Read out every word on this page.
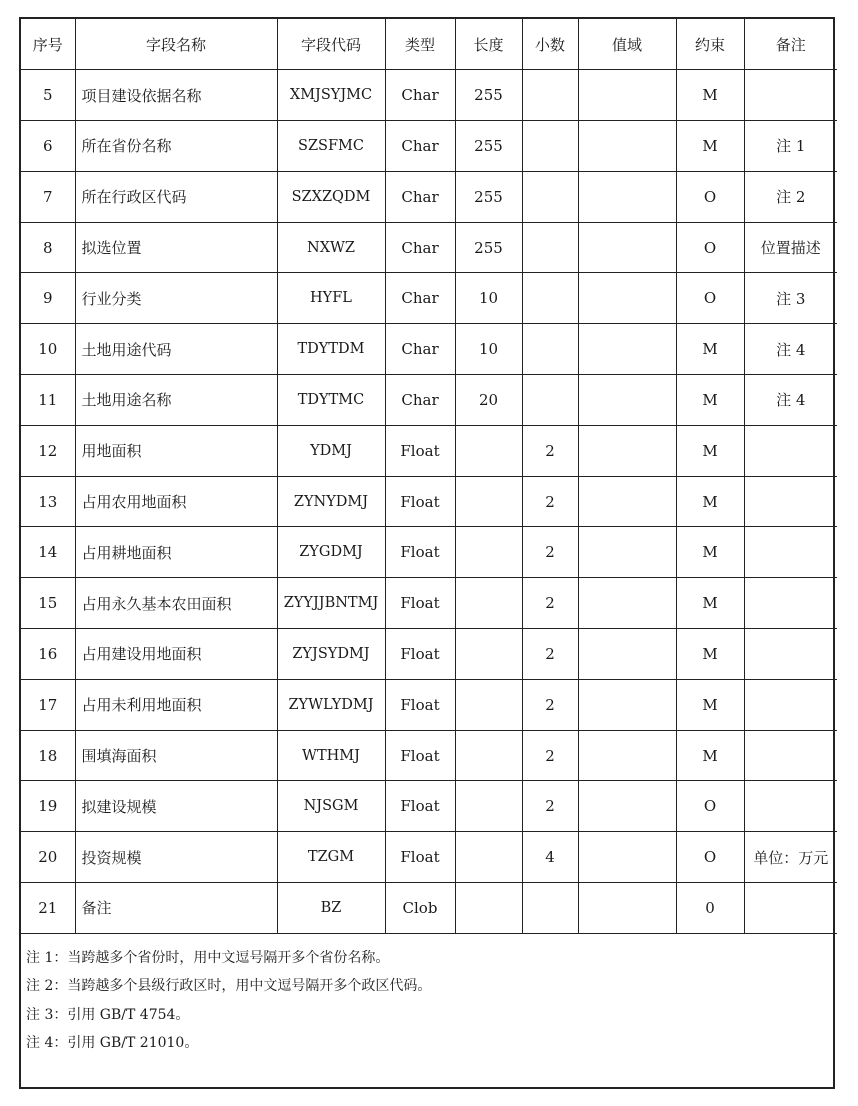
序号	字段名称	字段代码	类型	长度	小数	值域	约束	备注
5	项目建设依据名称	XMJSYJMC	Char	255			M	
6	所在省份名称	SZSFMC	Char	255			M	注 1
7	所在行政区代码	SZXZQDM	Char	255			O	注 2
8	拟选位置	NXWZ	Char	255			O	位置描述
9	行业分类	HYFL	Char	10			O	注 3
10	土地用途代码	TDYTDM	Char	10			M	注 4
11	土地用途名称	TDYTMC	Char	20			M	注 4
12	用地面积	YDMJ	Float		2		M	
13	占用农用地面积	ZYNYDMJ	Float		2		M	
14	占用耕地面积	ZYGDMJ	Float		2		M	
15	占用永久基本农田面积	ZYYJJBNTMJ	Float		2		M	
16	占用建设用地面积	ZYJSYDMJ	Float		2		M	
17	占用未利用地面积	ZYWLYDMJ	Float		2		M	
18	围填海面积	WTHMJ	Float		2		M	
19	拟建设规模	NJSGM	Float		2		O	
20	投资规模	TZGM	Float		4		O	单位：万元
21	备注	BZ	Clob				0	
注 1：当跨越多个省份时，用中文逗号隔开多个省份名称。
注 2：当跨越多个县级行政区时，用中文逗号隔开多个政区代码。
注 3：引用 GB/T 4754。
注 4：引用 GB/T 21010。
